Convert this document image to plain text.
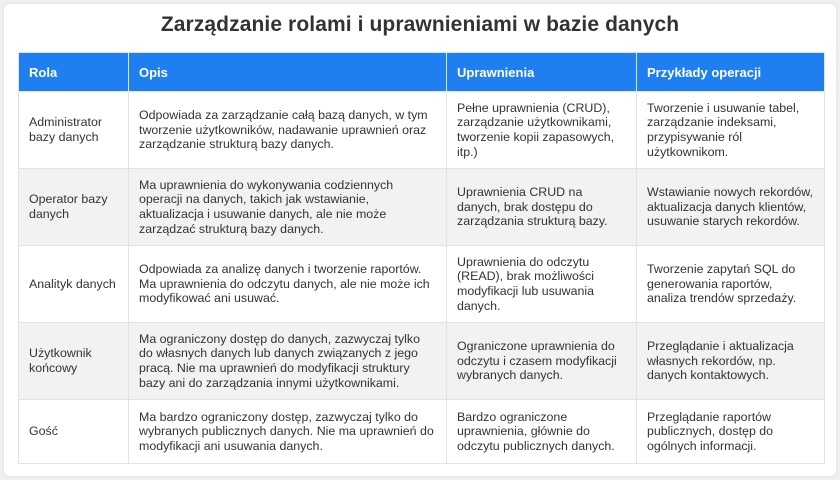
Zarządzanie rolami i uprawnieniami w bazie danych
Rola	Opis	Uprawnienia	Przykłady operacji
Administrator bazy danych	Odpowiada za zarządzanie całą bazą danych, w tym tworzenie użytkowników, nadawanie uprawnień oraz zarządzanie strukturą bazy danych.	Pełne uprawnienia (CRUD), zarządzanie użytkownikami, tworzenie kopii zapasowych, itp.)	Tworzenie i usuwanie tabel, zarządzanie indeksami, przypisywanie ról użytkownikom.
Operator bazy danych	Ma uprawnienia do wykonywania codziennych operacji na danych, takich jak wstawianie, aktualizacja i usuwanie danych, ale nie może zarządzać strukturą bazy danych.	Uprawnienia CRUD na danych, brak dostępu do zarządzania strukturą bazy.	Wstawianie nowych rekordów, aktualizacja danych klientów, usuwanie starych rekordów.
Analityk danych	Odpowiada za analizę danych i tworzenie raportów. Ma uprawnienia do odczytu danych, ale nie może ich modyfikować ani usuwać.	Uprawnienia do odczytu (READ), brak możliwości modyfikacji lub usuwania danych.	Tworzenie zapytań SQL do generowania raportów, analiza trendów sprzedaży.
Użytkownik końcowy	Ma ograniczony dostęp do danych, zazwyczaj tylko do własnych danych lub danych związanych z jego pracą. Nie ma uprawnień do modyfikacji struktury bazy ani do zarządzania innymi użytkownikami.	Ograniczone uprawnienia do odczytu i czasem modyfikacji wybranych danych.	Przeglądanie i aktualizacja własnych rekordów, np. danych kontaktowych.
Gość	Ma bardzo ograniczony dostęp, zazwyczaj tylko do wybranych publicznych danych. Nie ma uprawnień do modyfikacji ani usuwania danych.	Bardzo ograniczone uprawnienia, głównie do odczytu publicznych danych.	Przeglądanie raportów publicznych, dostęp do ogólnych informacji.
